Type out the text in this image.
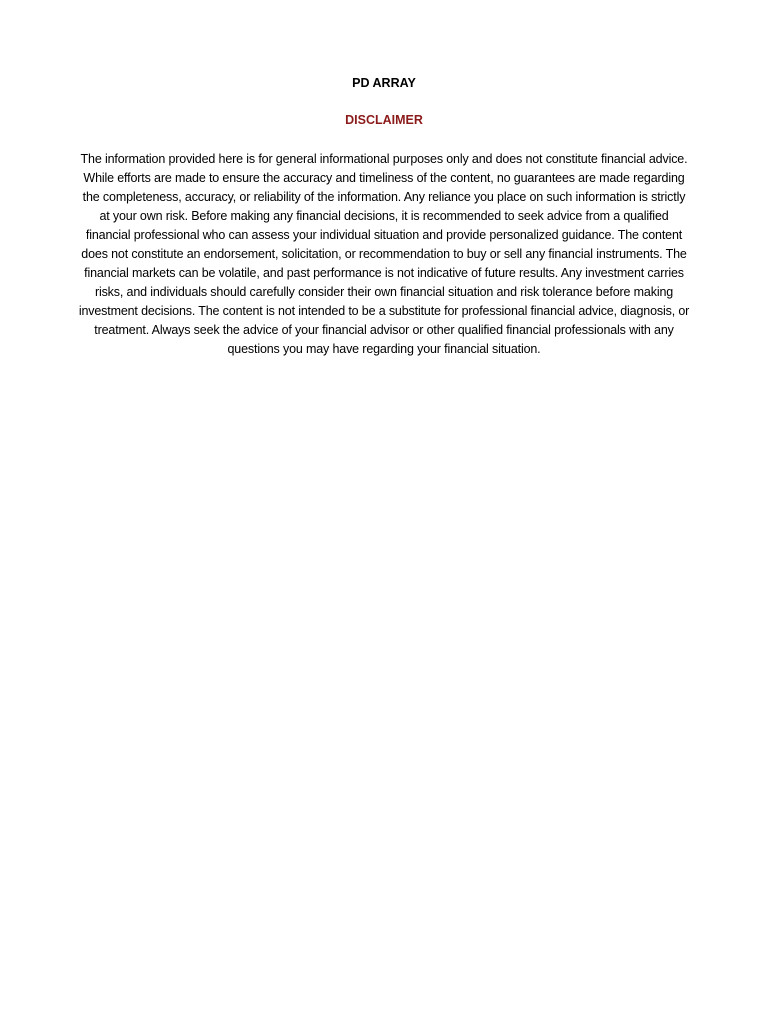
PD ARRAY
DISCLAIMER

The information provided here is for general informational purposes only and does not constitute financial advice. While efforts are made to ensure the accuracy and timeliness of the content, no guarantees are made regarding the completeness, accuracy, or reliability of the information. Any reliance you place on such information is strictly at your own risk. Before making any financial decisions, it is recommended to seek advice from a qualified financial professional who can assess your individual situation and provide personalized guidance. The content does not constitute an endorsement, solicitation, or recommendation to buy or sell any financial instruments. The financial markets can be volatile, and past performance is not indicative of future results. Any investment carries risks, and individuals should carefully consider their own financial situation and risk tolerance before making investment decisions. The content is not intended to be a substitute for professional financial advice, diagnosis, or treatment. Always seek the advice of your financial advisor or other qualified financial professionals with any questions you may have regarding your financial situation.
